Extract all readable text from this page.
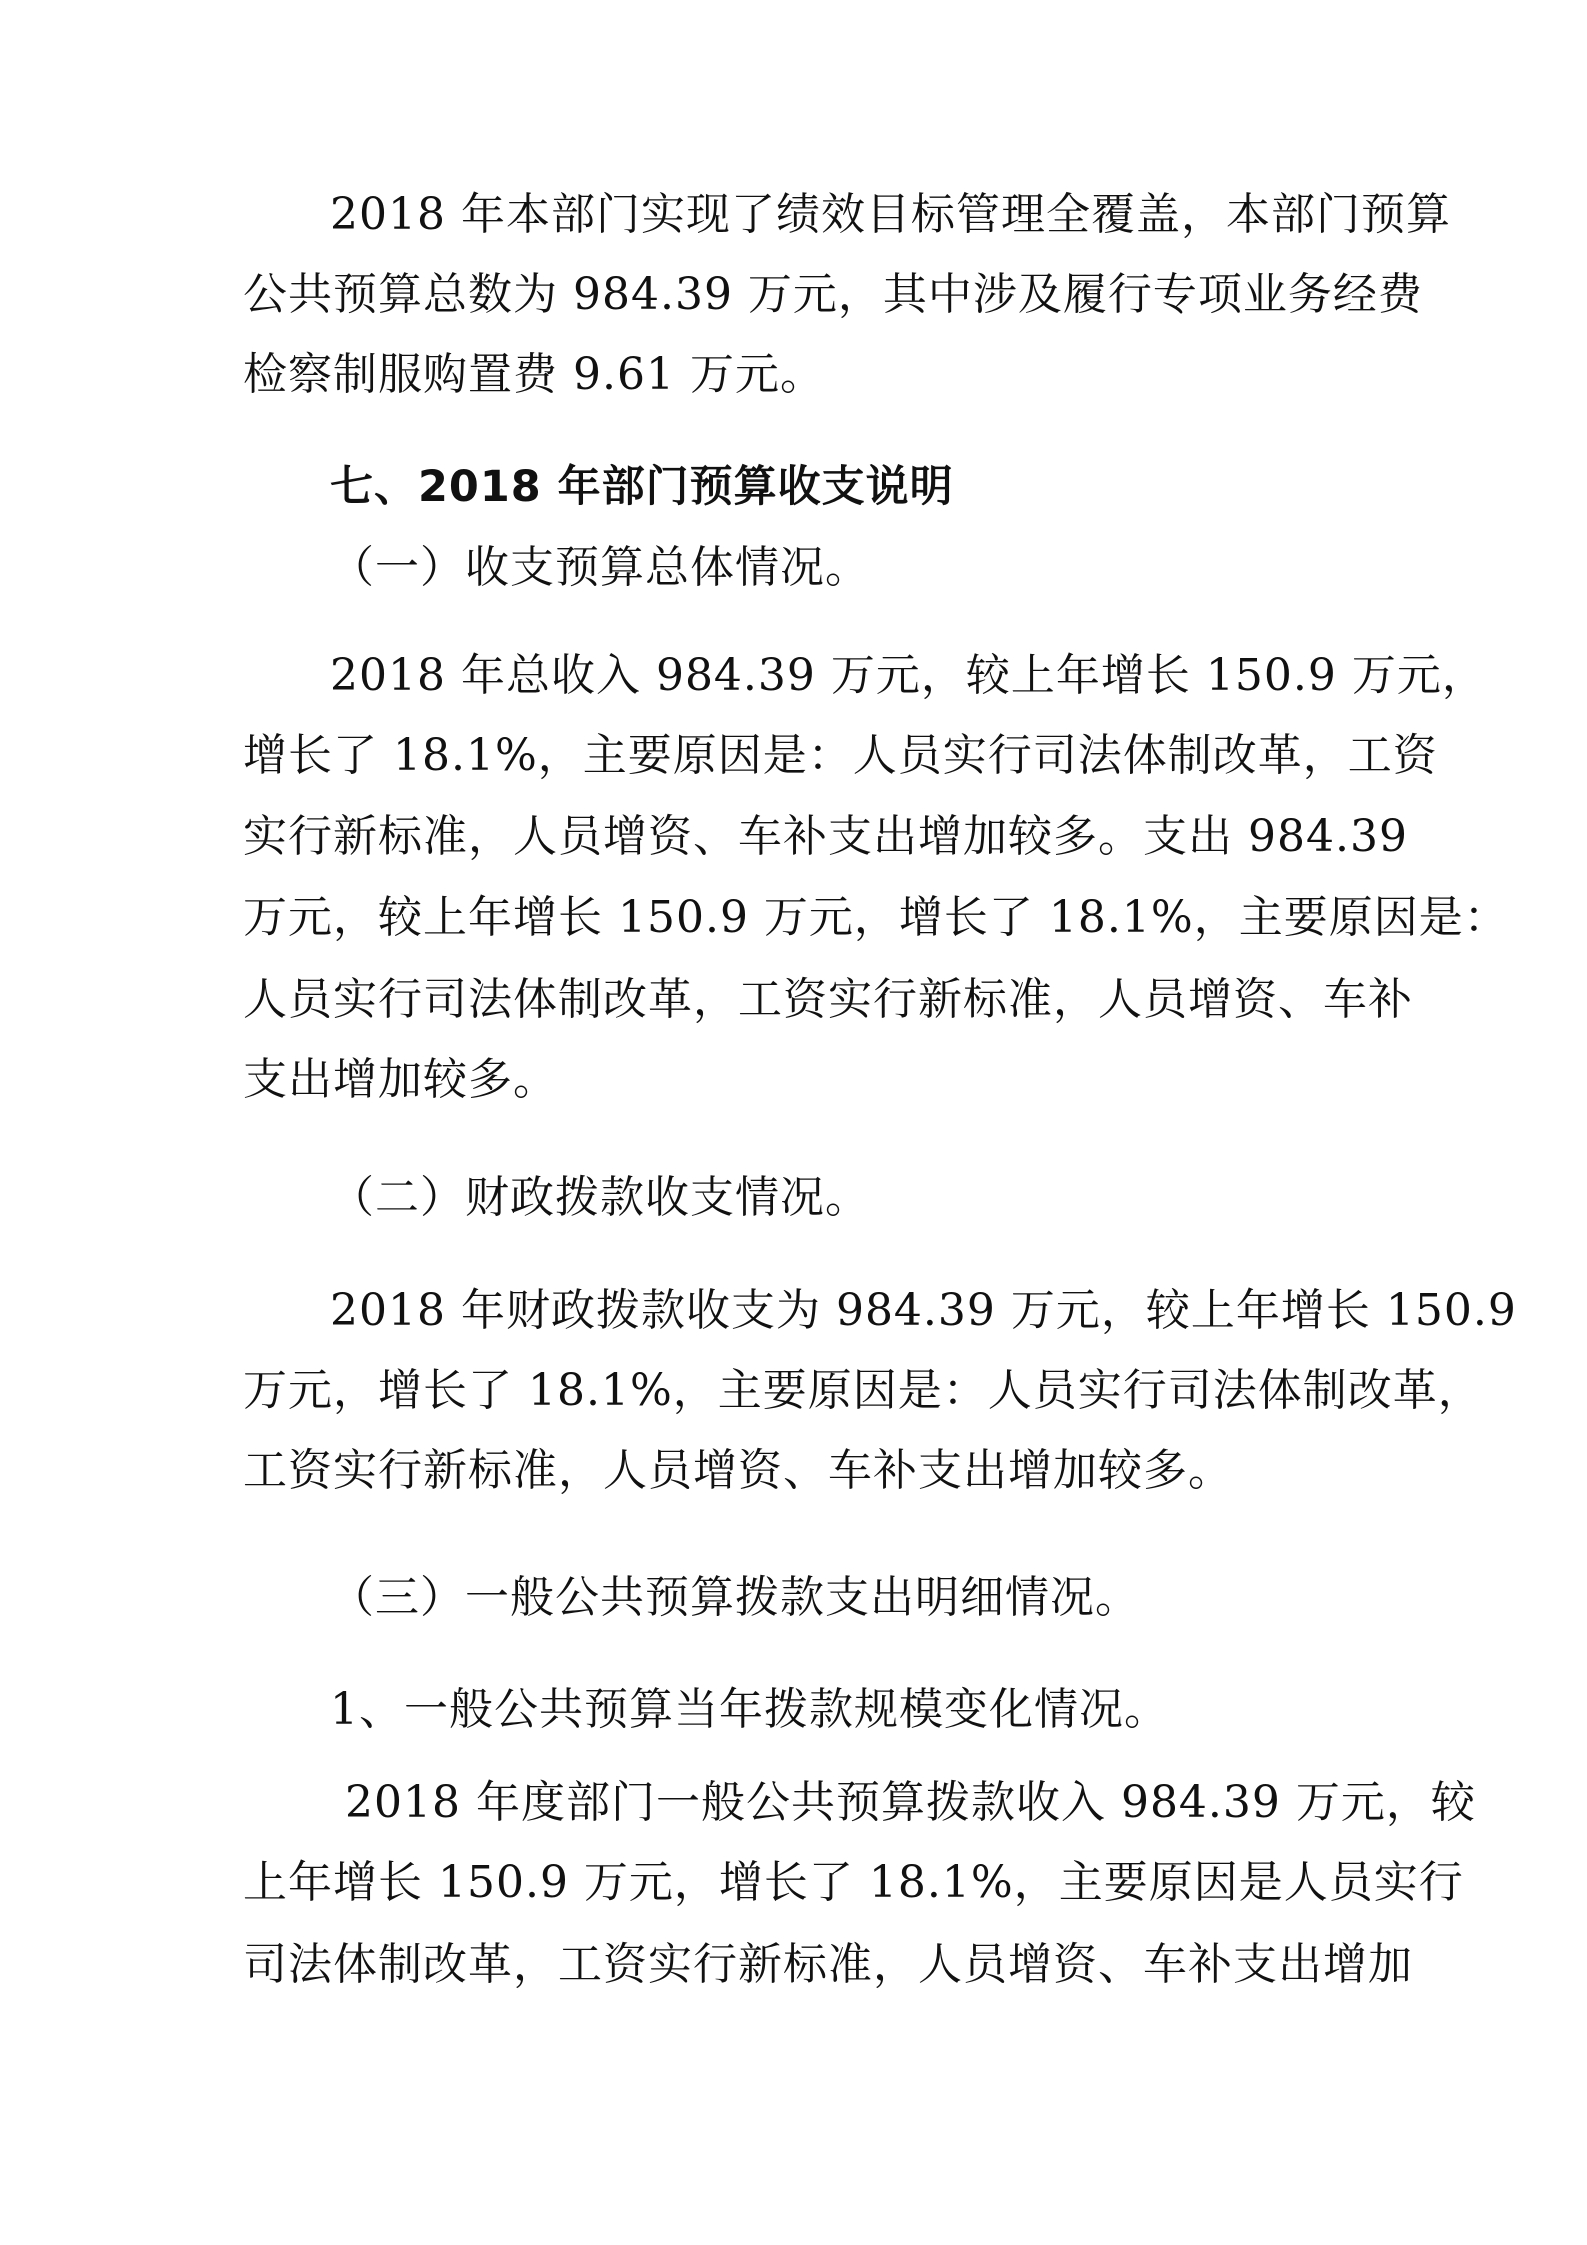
2018 年本部门实现了绩效目标管理全覆盖，本部门预算
公共预算总数为 984.39 万元，其中涉及履行专项业务经费
检察制服购置费 9.61 万元。
七、2018 年部门预算收支说明
（一）收支预算总体情况。
2018 年总收入 984.39 万元，较上年增长 150.9 万元，
增长了 18.1%，主要原因是：人员实行司法体制改革，工资
实行新标准，人员增资、车补支出增加较多。支出 984.39
万元，较上年增长 150.9 万元，增长了 18.1%，主要原因是：
人员实行司法体制改革，工资实行新标准，人员增资、车补
支出增加较多。
（二）财政拨款收支情况。
2018 年财政拨款收支为 984.39 万元，较上年增长 150.9
万元，增长了 18.1%，主要原因是：人员实行司法体制改革，
工资实行新标准，人员增资、车补支出增加较多。
（三）一般公共预算拨款支出明细情况。
1、一般公共预算当年拨款规模变化情况。
2018 年度部门一般公共预算拨款收入 984.39 万元，较
上年增长 150.9 万元，增长了 18.1%，主要原因是人员实行
司法体制改革，工资实行新标准，人员增资、车补支出增加
